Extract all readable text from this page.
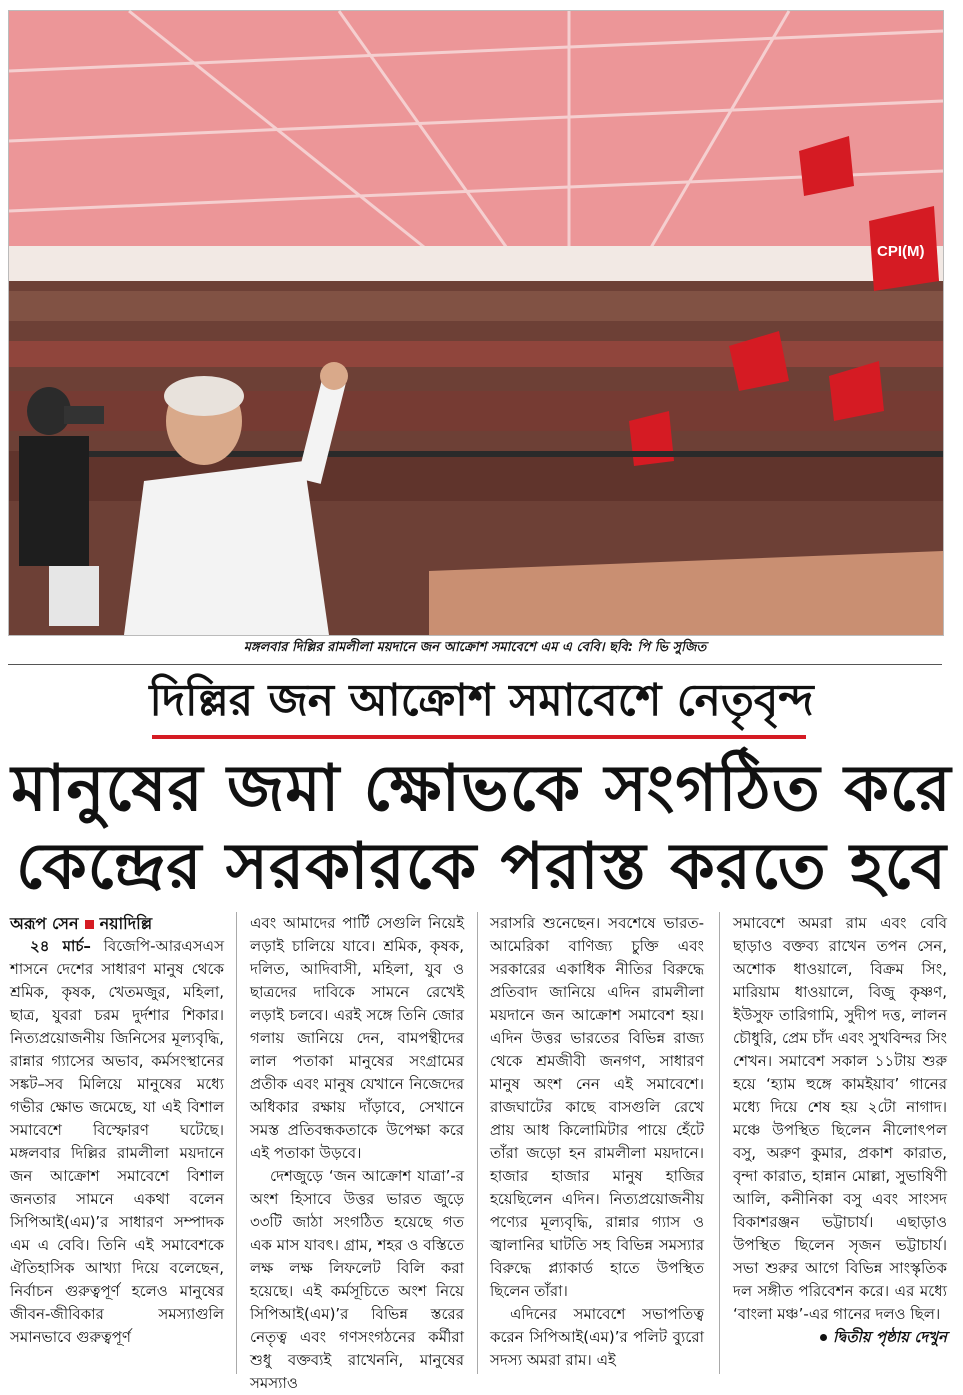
CPI(M)
মঙ্গলবার দিল্লির রামলীলা ময়দানে জন আক্রোশ সমাবেশে এম এ বেবি। ছবি: পি ভি সুজিত
দিল্লির জন আক্রোশ সমাবেশে নেতৃবৃন্দ
মানুষের জমা ক্ষোভকে সংগঠিত করে
কেন্দ্রের সরকারকে পরাস্ত করতে হবে

অরূপ সেন নয়াদিল্লি

২৪ মার্চ– বিজেপি-আরএসএস শাসনে দেশের সাধারণ মানুষ থেকে শ্রমিক, কৃষক, খেতমজুর, মহিলা, ছাত্র, যুবরা চরম দুর্দশার শিকার। নিত্যপ্রয়োজনীয় জিনিসের মূল্যবৃদ্ধি, রান্নার গ্যাসের অভাব, কর্মসংস্থানের সঙ্কট–সব মিলিয়ে মানুষের মধ্যে গভীর ক্ষোভ জমেছে, যা এই বিশাল সমাবেশে বিস্ফোরণ ঘটেছে। মঙ্গলবার দিল্লির রামলীলা ময়দানে জন আক্রোশ সমাবেশে বিশাল জনতার সামনে একথা বলেন সিপিআই(এম)’র সাধারণ সম্পাদক এম এ বেবি। তিনি এই সমাবেশকে ঐতিহাসিক আখ্যা দিয়ে বলেছেন, নির্বাচন গুরুত্বপূর্ণ হলেও মানুষের জীবন-জীবিকার সমস্যাগুলি সমানভাবে গুরুত্বপূর্ণ

এবং আমাদের পার্টি সেগুলি নিয়েই লড়াই চালিয়ে যাবে। শ্রমিক, কৃষক, দলিত, আদিবাসী, মহিলা, যুব ও ছাত্রদের দাবিকে সামনে রেখেই লড়াই চলবে। এরই সঙ্গে তিনি জোর গলায় জানিয়ে দেন, বামপন্থীদের লাল পতাকা মানুষের সংগ্রামের প্রতীক এবং মানুষ যেখানে নিজেদের অধিকার রক্ষায় দাঁড়াবে, সেখানে সমস্ত প্রতিবন্ধকতাকে উপেক্ষা করে এই পতাকা উড়বে।

দেশজুড়ে ‘জন আক্রোশ যাত্রা’-র অংশ হিসাবে উত্তর ভারত জুড়ে ৩৩টি জাঠা সংগঠিত হয়েছে গত এক মাস যাবৎ। গ্রাম, শহর ও বস্তিতে লক্ষ লক্ষ লিফলেট বিলি করা হয়েছে। এই কর্মসূচিতে অংশ নিয়ে সিপিআই(এম)’র বিভিন্ন স্তরের নেতৃত্ব এবং গণসংগঠনের কর্মীরা শুধু বক্তব্যই রাখেননি, মানুষের সমস্যাও

সরাসরি শুনেছেন। সবশেষে ভারত-আমেরিকা বাণিজ্য চুক্তি এবং সরকারের একাধিক নীতির বিরুদ্ধে প্রতিবাদ জানিয়ে এদিন রামলীলা ময়দানে জন আক্রোশ সমাবেশ হয়। এদিন উত্তর ভারতের বিভিন্ন রাজ্য থেকে শ্রমজীবী জনগণ, সাধারণ মানুষ অংশ নেন এই সমাবেশে। রাজঘাটের কাছে বাসগুলি রেখে প্রায় আধ কিলোমিটার পায়ে হেঁটে তাঁরা জড়ো হন রামলীলা ময়দানে। হাজার হাজার মানুষ হাজির হয়েছিলেন এদিন। নিত্যপ্রয়োজনীয় পণ্যের মূল্যবৃদ্ধি, রান্নার গ্যাস ও জ্বালানির ঘাটতি সহ বিভিন্ন সমস্যার বিরুদ্ধে প্ল্যাকার্ড হাতে উপস্থিত ছিলেন তাঁরা।

এদিনের সমাবেশে সভাপতিত্ব করেন সিপিআই(এম)’র পলিট ব্যুরো সদস্য অমরা রাম। এই

সমাবেশে অমরা রাম এবং বেবি ছাড়াও বক্তব্য রাখেন তপন সেন, অশোক ধাওয়ালে, বিক্রম সিং, মারিয়াম ধাওয়ালে, বিজু কৃষ্ণণ, ইউসুফ তারিগামি, সুদীপ দত্ত, লালন চৌধুরি, প্রেম চাঁদ এবং সুখবিন্দর সিং শেখন। সমাবেশ সকাল ১১টায় শুরু হয়ে ‘হ্যাম হুঙ্গে কামইয়াব’ গানের মধ্যে দিয়ে শেষ হয় ২টো নাগাদ। মঞ্চে উপস্থিত ছিলেন নীলোৎপল বসু, অরুণ কুমার, প্রকাশ কারাত, বৃন্দা কারাত, হান্নান মোল্লা, সুভাষিণী আলি, কনীনিকা বসু এবং সাংসদ বিকাশরঞ্জন ভট্টাচার্য। এছাড়াও উপস্থিত ছিলেন সৃজন ভট্টাচার্য। সভা শুরুর আগে বিভিন্ন সাংস্কৃতিক দল সঙ্গীত পরিবেশন করে। এর মধ্যে ‘বাংলা মঞ্চ’-এর গানের দলও ছিল।

দ্বিতীয় পৃষ্ঠায় দেখুন
